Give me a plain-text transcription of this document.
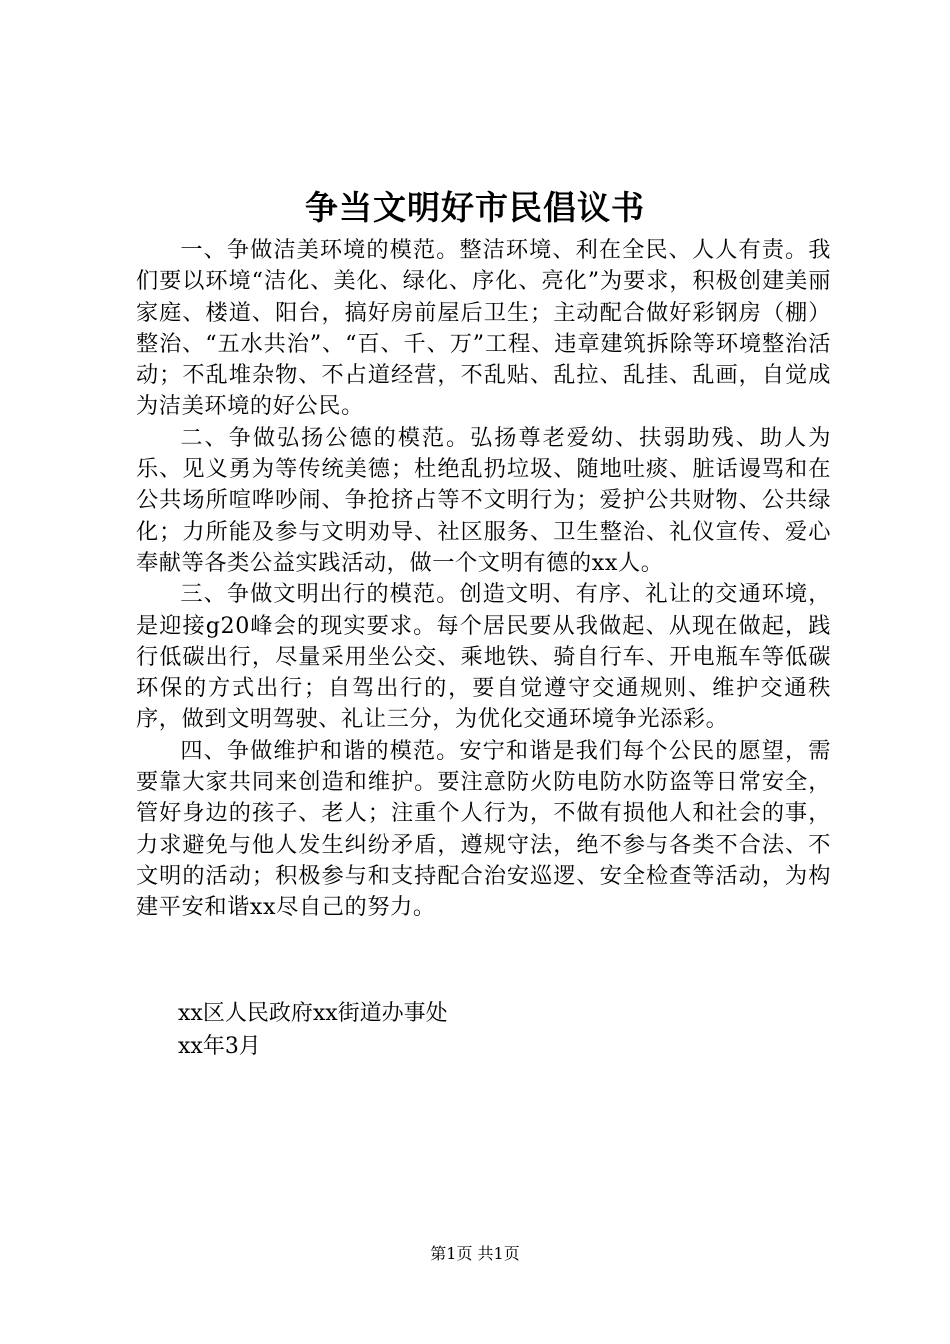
争当文明好市民倡议书

一、争做洁美环境的模范。整洁环境、利在全民、人人有责。我们要以环境“洁化、美化、绿化、序化、亮化”为要求，积极创建美丽家庭、楼道、阳台，搞好房前屋后卫生；主动配合做好彩钢房（棚）整治、“五水共治”、“百、千、万”工程、违章建筑拆除等环境整治活动；不乱堆杂物、不占道经营，不乱贴、乱拉、乱挂、乱画，自觉成为洁美环境的好公民。

二、争做弘扬公德的模范。弘扬尊老爱幼、扶弱助残、助人为乐、见义勇为等传统美德；杜绝乱扔垃圾、随地吐痰、脏话谩骂和在公共场所喧哗吵闹、争抢挤占等不文明行为；爱护公共财物、公共绿化；力所能及参与文明劝导、社区服务、卫生整治、礼仪宣传、爱心奉献等各类公益实践活动，做一个文明有德的xx人。

三、争做文明出行的模范。创造文明、有序、礼让的交通环境，是迎接g20峰会的现实要求。每个居民要从我做起、从现在做起，践行低碳出行，尽量采用坐公交、乘地铁、骑自行车、开电瓶车等低碳环保的方式出行；自驾出行的，要自觉遵守交通规则、维护交通秩序，做到文明驾驶、礼让三分，为优化交通环境争光添彩。

四、争做维护和谐的模范。安宁和谐是我们每个公民的愿望，需要靠大家共同来创造和维护。要注意防火防电防水防盗等日常安全，管好身边的孩子、老人；注重个人行为，不做有损他人和社会的事，力求避免与他人发生纠纷矛盾，遵规守法，绝不参与各类不合法、不文明的活动；积极参与和支持配合治安巡逻、安全检查等活动，为构建平安和谐xx尽自己的努力。

xx区人民政府xx街道办事处
xx年3月
第1页 共1页
